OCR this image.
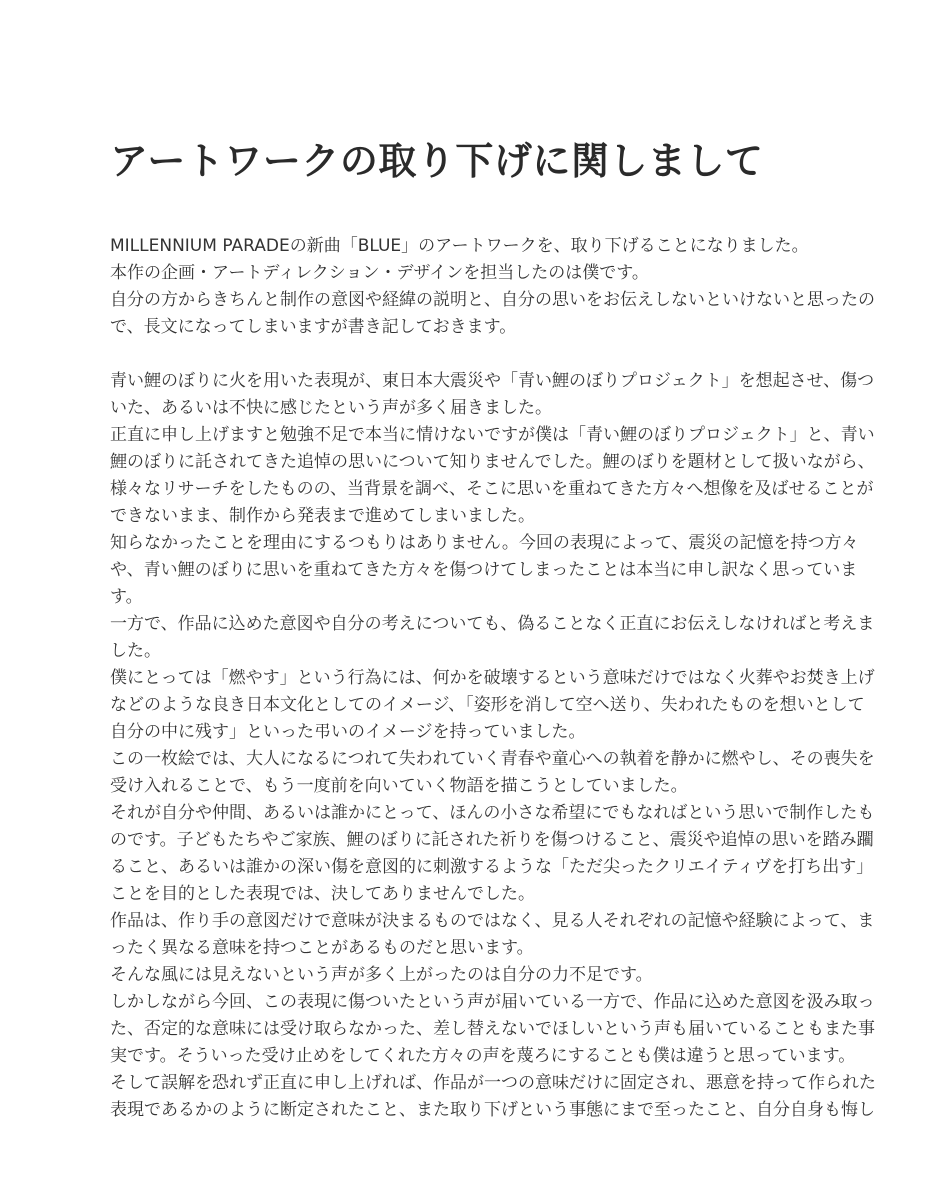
アートワークの取り下げに関しまして
MILLENNIUM PARADEの新曲「BLUE」のアートワークを、取り下げることになりました。
本作の企画・アートディレクション・デザインを担当したのは僕です。
自分の方からきちんと制作の意図や経緯の説明と、自分の思いをお伝えしないといけないと思ったの
で、長文になってしまいますが書き記しておきます。
青い鯉のぼりに火を用いた表現が、東日本大震災や「青い鯉のぼりプロジェクト」を想起させ、傷つ
いた、あるいは不快に感じたという声が多く届きました。
正直に申し上げますと勉強不足で本当に情けないですが僕は「青い鯉のぼりプロジェクト」と、青い
鯉のぼりに託されてきた追悼の思いについて知りませんでした。鯉のぼりを題材として扱いながら、
様々なリサーチをしたものの、当背景を調べ、そこに思いを重ねてきた方々へ想像を及ばせることが
できないまま、制作から発表まで進めてしまいました。
知らなかったことを理由にするつもりはありません。今回の表現によって、震災の記憶を持つ方々
や、青い鯉のぼりに思いを重ねてきた方々を傷つけてしまったことは本当に申し訳なく思っていま
す。
一方で、作品に込めた意図や自分の考えについても、偽ることなく正直にお伝えしなければと考えま
した。
僕にとっては「燃やす」という行為には、何かを破壊するという意味だけではなく火葬やお焚き上げ
などのような良き日本文化としてのイメージ、「姿形を消して空へ送り、失われたものを想いとして
自分の中に残す」といった弔いのイメージを持っていました。
この一枚絵では、大人になるにつれて失われていく青春や童心への執着を静かに燃やし、その喪失を
受け入れることで、もう一度前を向いていく物語を描こうとしていました。
それが自分や仲間、あるいは誰かにとって、ほんの小さな希望にでもなればという思いで制作したも
のです。子どもたちやご家族、鯉のぼりに託された祈りを傷つけること、震災や追悼の思いを踏み躙
ること、あるいは誰かの深い傷を意図的に刺激するような「ただ尖ったクリエイティヴを打ち出す」
ことを目的とした表現では、決してありませんでした。
作品は、作り手の意図だけで意味が決まるものではなく、見る人それぞれの記憶や経験によって、ま
ったく異なる意味を持つことがあるものだと思います。
そんな風には見えないという声が多く上がったのは自分の力不足です。
しかしながら今回、この表現に傷ついたという声が届いている一方で、作品に込めた意図を汲み取っ
た、否定的な意味には受け取らなかった、差し替えないでほしいという声も届いていることもまた事
実です。そういった受け止めをしてくれた方々の声を蔑ろにすることも僕は違うと思っています。
そして誤解を恐れず正直に申し上げれば、作品が一つの意味だけに固定され、悪意を持って作られた
表現であるかのように断定されたこと、また取り下げという事態にまで至ったこと、自分自身も悔し
